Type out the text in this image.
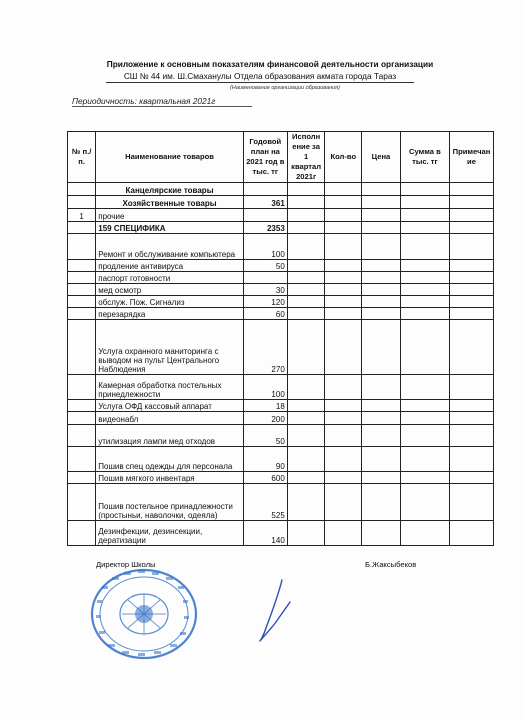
Приложение к основным показателям финансовой деятельности организации
СШ № 44 им. Ш.Смаханулы Отдела образования акмата города Тараз
(Наименование организации образования)
Периодичность: квартальная 2021г
№ п./п.	Наименование товаров	Годовой план на 2021 год в тыс. тг	Исполн ение за 1 квартал 2021г	Кол-во	Цена	Сумма в тыс. тг	Примечан ие
	Канцелярские товары						
	Хозяйственные товары	361					
1	прочие						
	159 СПЕЦИФИКА	2353					
	Ремонт и обслуживание компьютера	100					
	продление антивируса	50					
	паспорт готовности						
	мед осмотр	30					
	обслуж. Пож. Сигнализ	120					
	перезарядка	60					
	Услуга охранного маниторинга с выводом на пульт Центрального Наблюдения	270					
	Камерная обработка постельных принедлежности	100					
	Услуга ОФД кассовый аппарат	18					
	видеонабл	200					
	утилизация лампи мед отходов	50					
	Пошив спец одежды для персонала	90					
	Пошив мягкого инвентаря	600					
	Пошив постельное принадлежности (простыньи, наволочки, одеяла)	525					
	Дезинфекции, дезинсекции, дератизации	140					
Директор Школы	Б.Жаксыбеков
